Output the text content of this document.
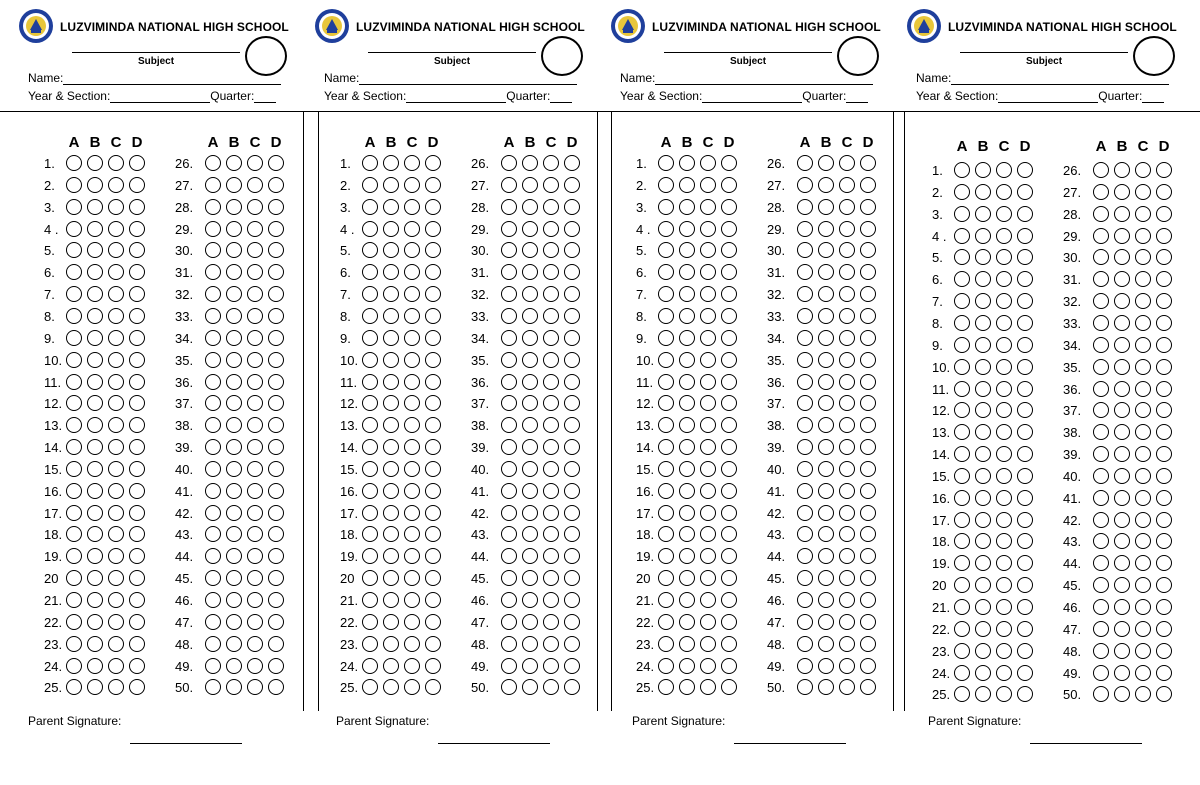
LUZVIMINDA NATIONAL HIGH SCHOOL
Subject
Name:
Year & Section:	Quarter:
A B C D	A B C D
1.
2.
3.
4 .
5.
6.
7.
8.
9.
10.
11.
12.
13.
14.
15.
16.
17.
18.
19.
20
21.
22.
23.
24.
25.
26.
27.
28.
29.
30.
31.
32.
33.
34.
35.
36.
37.
38.
39.
40.
41.
42.
43.
44.
45.
46.
47.
48.
49.
50.
Parent Signature:
LUZVIMINDA NATIONAL HIGH SCHOOL
Subject
Name:
Year & Section:	Quarter:
A B C D	A B C D
1.
2.
3.
4 .
5.
6.
7.
8.
9.
10.
11.
12.
13.
14.
15.
16.
17.
18.
19.
20
21.
22.
23.
24.
25.
26.
27.
28.
29.
30.
31.
32.
33.
34.
35.
36.
37.
38.
39.
40.
41.
42.
43.
44.
45.
46.
47.
48.
49.
50.
Parent Signature:
LUZVIMINDA NATIONAL HIGH SCHOOL
Subject
Name:
Year & Section:	Quarter:
A B C D	A B C D
1.
2.
3.
4 .
5.
6.
7.
8.
9.
10.
11.
12.
13.
14.
15.
16.
17.
18.
19.
20
21.
22.
23.
24.
25.
26.
27.
28.
29.
30.
31.
32.
33.
34.
35.
36.
37.
38.
39.
40.
41.
42.
43.
44.
45.
46.
47.
48.
49.
50.
Parent Signature:
LUZVIMINDA NATIONAL HIGH SCHOOL
Subject
Name:
Year & Section:	Quarter:
A B C D	A B C D
1.
2.
3.
4 .
5.
6.
7.
8.
9.
10.
11.
12.
13.
14.
15.
16.
17.
18.
19.
20
21.
22.
23.
24.
25.
26.
27.
28.
29.
30.
31.
32.
33.
34.
35.
36.
37.
38.
39.
40.
41.
42.
43.
44.
45.
46.
47.
48.
49.
50.
Parent Signature:
